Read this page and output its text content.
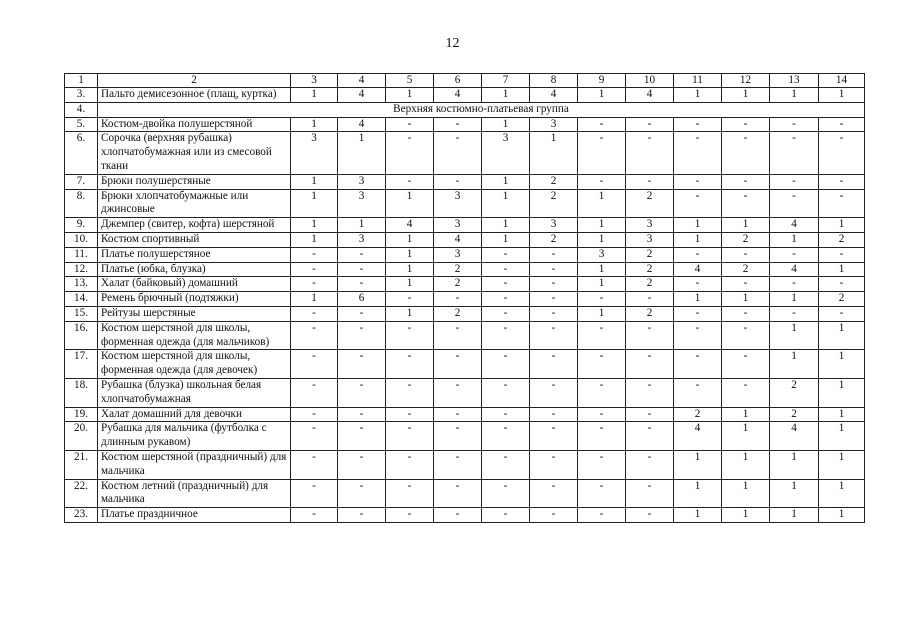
12
1	2	3	4	5	6	7	8	9	10	11	12	13	14
3.	Пальто демисезонное (плащ, куртка)	1	4	1	4	1	4	1	4	1	1	1	1
4.	Верхняя костюмно-платьевая группа												
5.	Костюм-двойка полушерстяной	1	4	-	-	1	3	-	-	-	-	-	-
6.	Сорочка (верхняя рубашка) хлопчатобумажная или из смесовой ткани	3	1	-	-	3	1	-	-	-	-	-	-
7.	Брюки полушерстяные	1	3	-	-	1	2	-	-	-	-	-	-
8.	Брюки хлопчатобумажные или джинсовые	1	3	1	3	1	2	1	2	-	-	-	-
9.	Джемпер (свитер, кофта) шерстяной	1	1	4	3	1	3	1	3	1	1	4	1
10.	Костюм спортивный	1	3	1	4	1	2	1	3	1	2	1	2
11.	Платье полушерстяное	-	-	1	3	-	-	3	2	-	-	-	-
12.	Платье (юбка, блузка)	-	-	1	2	-	-	1	2	4	2	4	1
13.	Халат (байковый) домашний	-	-	1	2	-	-	1	2	-	-	-	-
14.	Ремень брючный (подтяжки)	1	6	-	-	-	-	-	-	1	1	1	2
15.	Рейтузы шерстяные	-	-	1	2	-	-	1	2	-	-	-	-
16.	Костюм шерстяной для школы, форменная одежда (для мальчиков)	-	-	-	-	-	-	-	-	-	-	1	1
17.	Костюм шерстяной для школы, форменная одежда (для девочек)	-	-	-	-	-	-	-	-	-	-	1	1
18.	Рубашка (блузка) школьная белая хлопчатобумажная	-	-	-	-	-	-	-	-	-	-	2	1
19.	Халат домашний для девочки	-	-	-	-	-	-	-	-	2	1	2	1
20.	Рубашка для мальчика (футболка с длинным рукавом)	-	-	-	-	-	-	-	-	4	1	4	1
21.	Костюм шерстяной (праздничный) для мальчика	-	-	-	-	-	-	-	-	1	1	1	1
22.	Костюм летний (праздничный) для мальчика	-	-	-	-	-	-	-	-	1	1	1	1
23.	Платье праздничное	-	-	-	-	-	-	-	-	1	1	1	1
